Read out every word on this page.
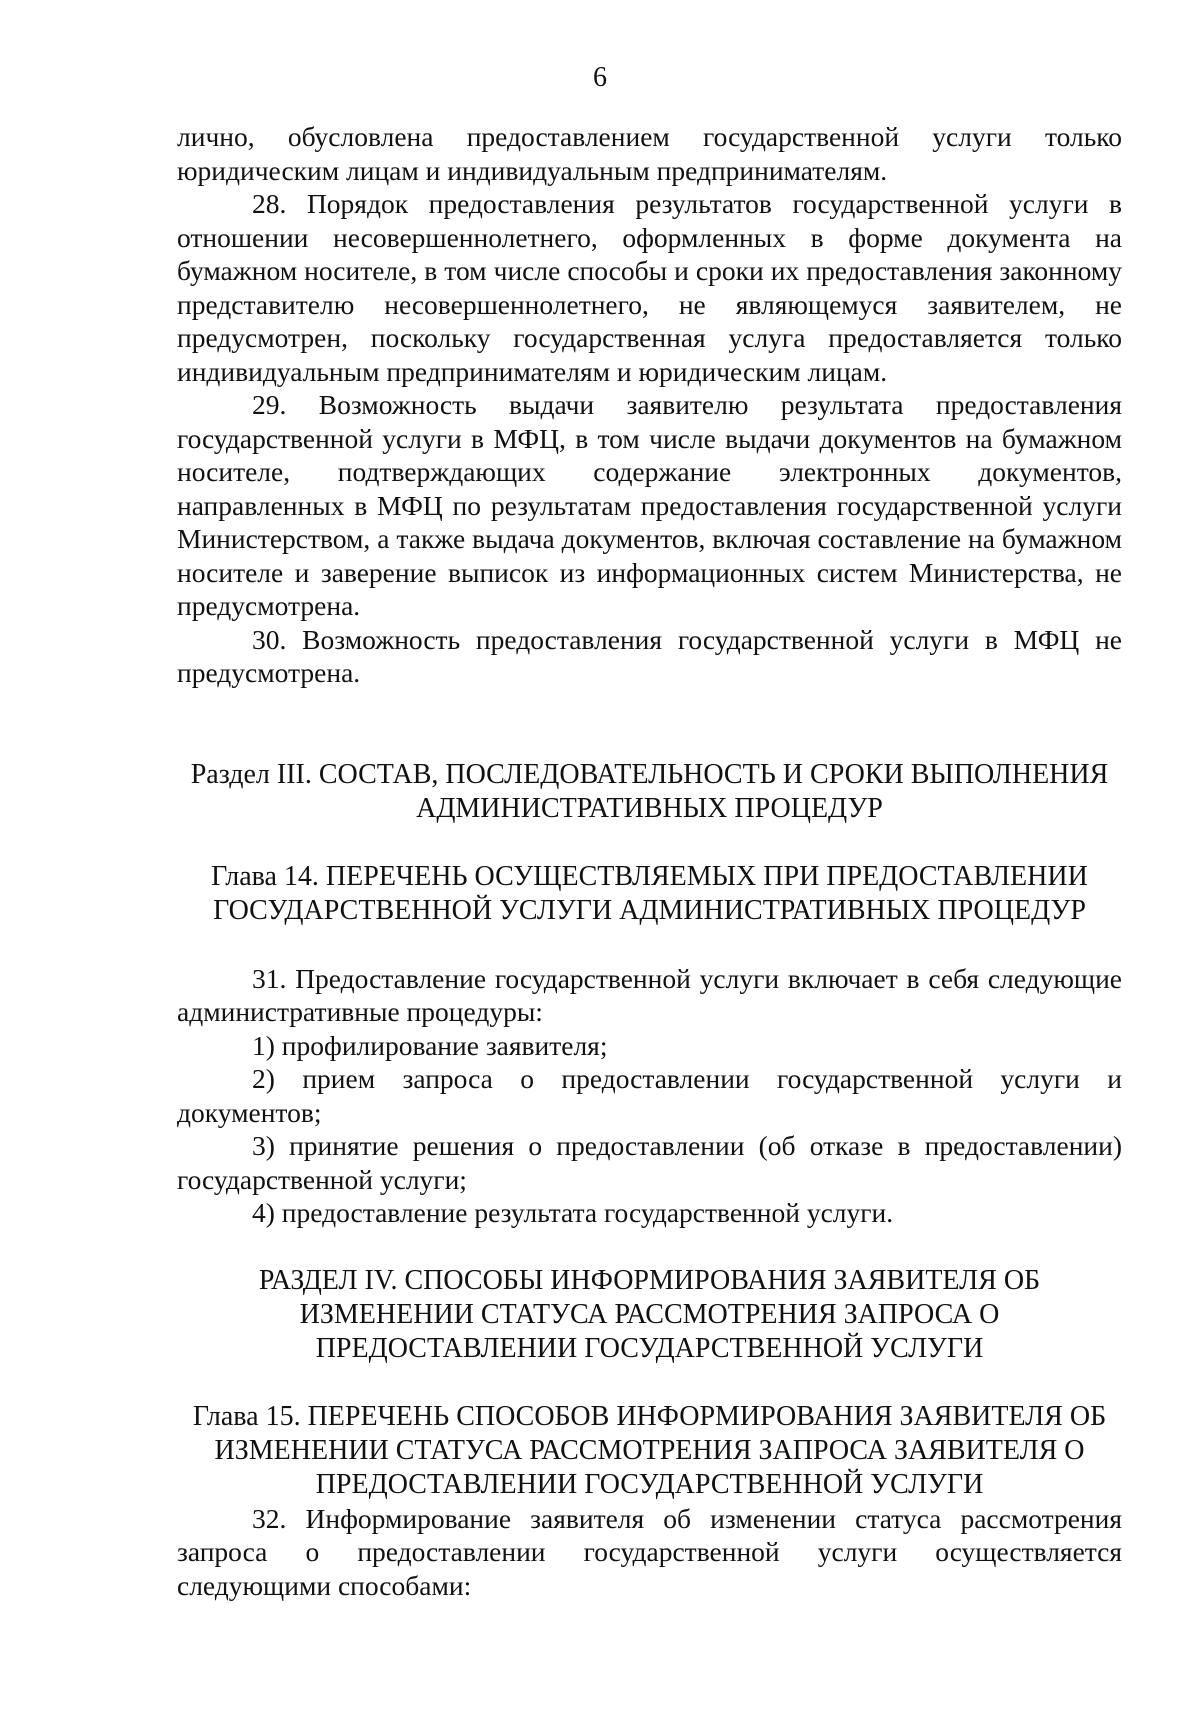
6

лично, обусловлена предоставлением государственной услуги только юридическим лицам и индивидуальным предпринимателям.

28. Порядок предоставления результатов государственной услуги в отношении несовершеннолетнего, оформленных в форме документа на бумажном носителе, в том числе способы и сроки их предоставления законному представителю несовершеннолетнего, не являющемуся заявителем, не предусмотрен, поскольку государственная услуга предоставляется только индивидуальным предпринимателям и юридическим лицам.

29. Возможность выдачи заявителю результата предоставления государственной услуги в МФЦ, в том числе выдачи документов на бумажном носителе, подтверждающих содержание электронных документов, направленных в МФЦ по результатам предоставления государственной услуги Министерством, а также выдача документов, включая составление на бумажном носителе и заверение выписок из информационных систем Министерства, не предусмотрена.

30. Возможность предоставления государственной услуги в МФЦ не предусмотрена.

Раздел III. СОСТАВ, ПОСЛЕДОВАТЕЛЬНОСТЬ И СРОКИ ВЫПОЛНЕНИЯ

АДМИНИСТРАТИВНЫХ ПРОЦЕДУР

Глава 14. ПЕРЕЧЕНЬ ОСУЩЕСТВЛЯЕМЫХ ПРИ ПРЕДОСТАВЛЕНИИ

ГОСУДАРСТВЕННОЙ УСЛУГИ АДМИНИСТРАТИВНЫХ ПРОЦЕДУР

31. Предоставление государственной услуги включает в себя следующие административные процедуры:

1) профилирование заявителя;

2) прием запроса о предоставлении государственной услуги и документов;

3) принятие решения о предоставлении (об отказе в предоставлении) государственной услуги;

4) предоставление результата государственной услуги.

РАЗДЕЛ IV. СПОСОБЫ ИНФОРМИРОВАНИЯ ЗАЯВИТЕЛЯ ОБ

ИЗМЕНЕНИИ СТАТУСА РАССМОТРЕНИЯ ЗАПРОСА О

ПРЕДОСТАВЛЕНИИ ГОСУДАРСТВЕННОЙ УСЛУГИ

Глава 15. ПЕРЕЧЕНЬ СПОСОБОВ ИНФОРМИРОВАНИЯ ЗАЯВИТЕЛЯ ОБ

ИЗМЕНЕНИИ СТАТУСА РАССМОТРЕНИЯ ЗАПРОСА ЗАЯВИТЕЛЯ О

ПРЕДОСТАВЛЕНИИ ГОСУДАРСТВЕННОЙ УСЛУГИ

32. Информирование заявителя об изменении статуса рассмотрения запроса о предоставлении государственной услуги осуществляется следующими способами:
